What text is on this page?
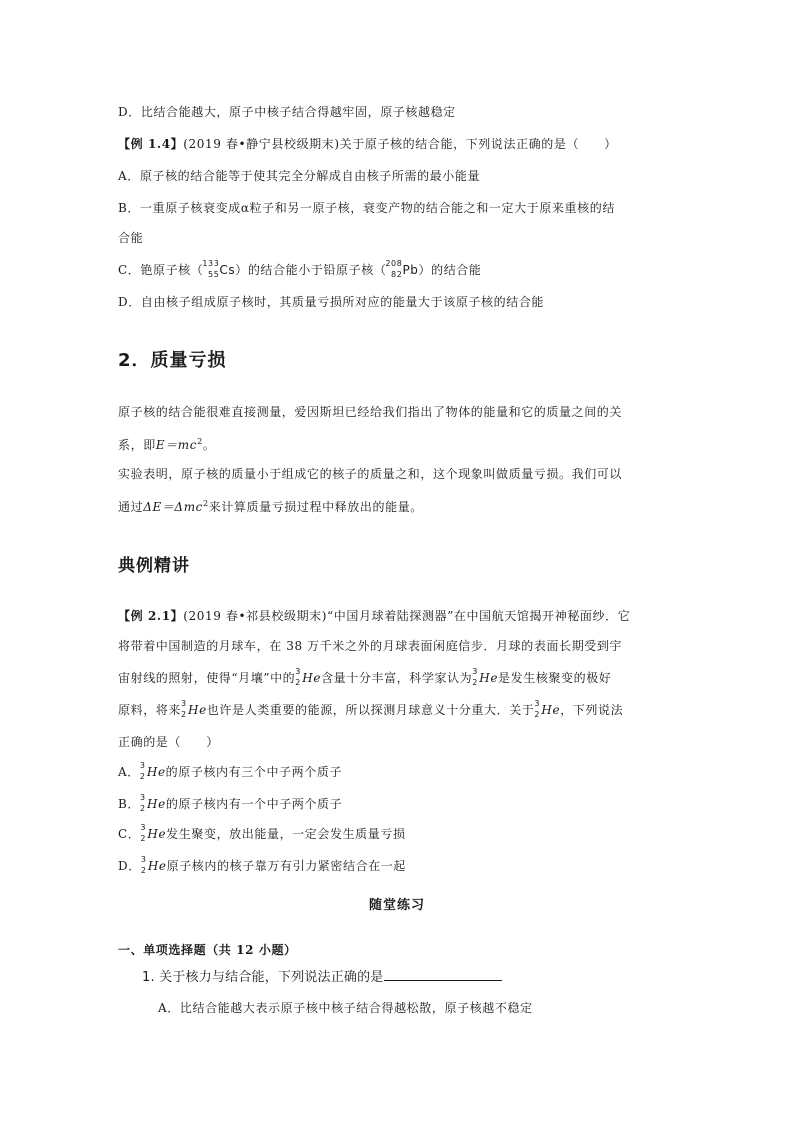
D．比结合能越大，原子中核子结合得越牢固，原子核越稳定
【例 1.4】(2019 春•静宁县校级期末)关于原子核的结合能，下列说法正确的是（　　）
A．原子核的结合能等于使其完全分解成自由核子所需的最小能量
B．一重原子核衰变成α粒子和另一原子核，衰变产物的结合能之和一定大于原来重核的结
合能
C．铯原子核（
133
55 Cs）的结合能小于铅原子核（
208
82 Pb）的结合能
D．自由核子组成原子核时，其质量亏损所对应的能量大于该原子核的结合能
2．质量亏损
原子核的结合能很难直接测量，爱因斯坦已经给我们指出了物体的能量和它的质量之间的关
系，即$E=mc^2$。
实验表明，原子核的质量小于组成它的核子的质量之和，这个现象叫做质量亏损。我们可以
通过ΔE＝Δmc$^2$来计算质量亏损过程中释放出的能量。
典例精讲
【例 2.1】(2019 春•祁县校级期末)“中国月球着陆探测器”在中国航天馆揭开神秘面纱．它
将带着中国制造的月球车，在 38 万千米之外的月球表面闲庭信步．月球的表面长期受到宇
宙射线的照射，使得“月壤”中的 3
2 He含量十分丰富，科学家认为 3
2 He是发生核聚变的极好
原料，将来 3
2 He也许是人类重要的能源，所以探测月球意义十分重大．关于 3
2 He，下列说法
正确的是（　　）
A． 3
2 He的原子核内有三个中子两个质子
B． 3
2 He的原子核内有一个中子两个质子
C． 3
2 He发生聚变，放出能量，一定会发生质量亏损
D． 3
2 He原子核内的核子靠万有引力紧密结合在一起
随堂练习
一、单项选择题（共 12 小题）
1. 关于核力与结合能，下列说法正确的是
A．比结合能越大表示原子核中核子结合得越松散，原子核越不稳定
